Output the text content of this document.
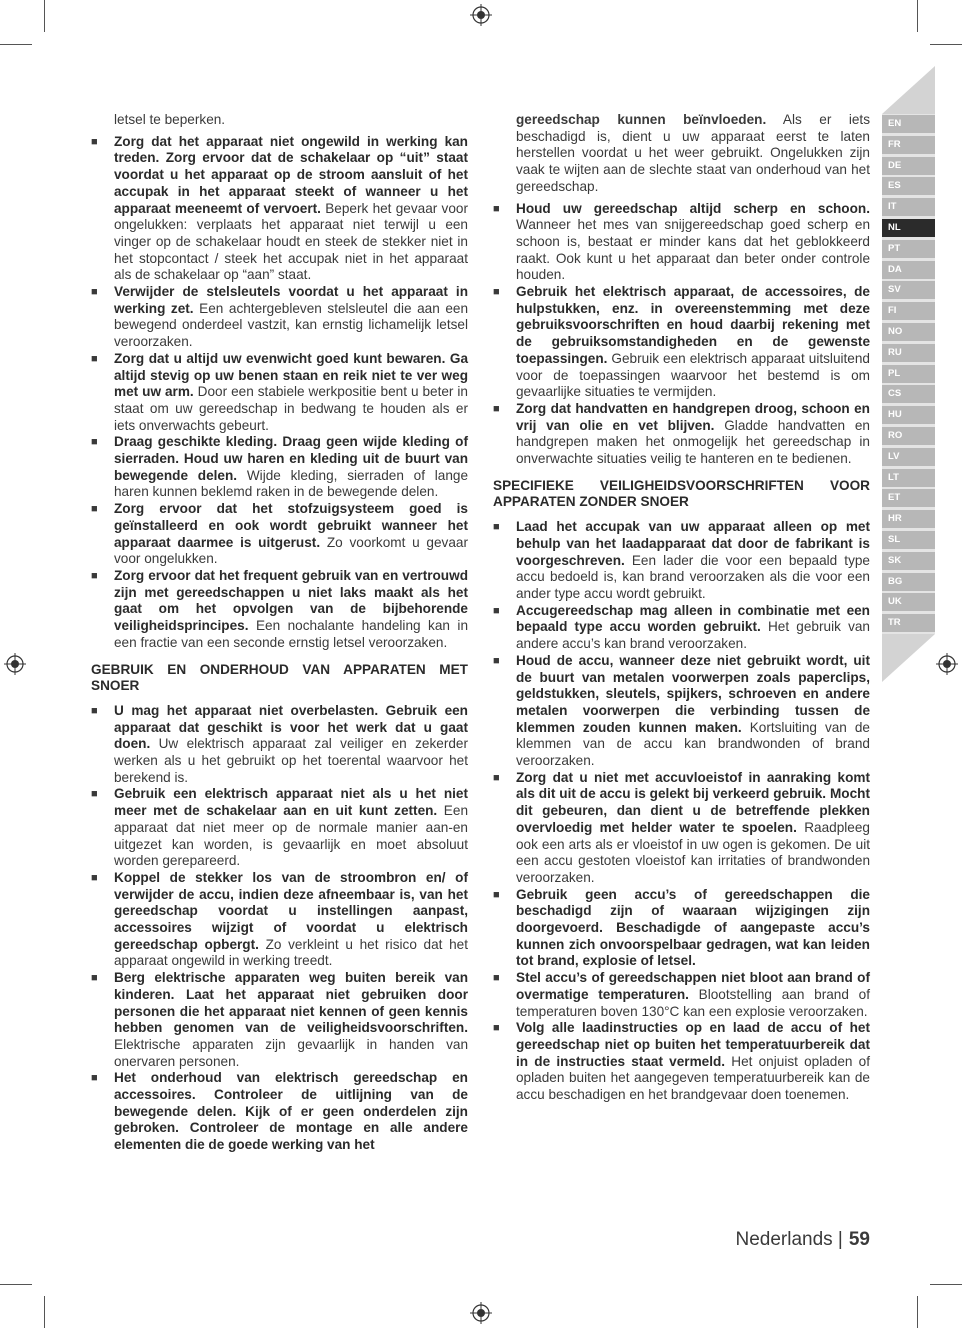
letsel te beperken.

■ Zorg dat het apparaat niet ongewild in werking kan treden. Zorg ervoor dat de schakelaar op “uit” staat voordat u het apparaat op de stroom aansluit of het accupak in het apparaat steekt of wanneer u het apparaat meeneemt of vervoert. Beperk het gevaar voor ongelukken: verplaats het apparaat niet terwijl u een vinger op de schakelaar houdt en steek de stekker niet in het stopcontact / steek het accupak niet in het apparaat als de schakelaar op “aan” staat.

■ Verwijder de stelsleutels voordat u het apparaat in werking zet. Een achtergebleven stelsleutel die aan een bewegend onderdeel vastzit, kan ernstig lichamelijk letsel veroorzaken.

■ Zorg dat u altijd uw evenwicht goed kunt bewaren. Ga altijd stevig op uw benen staan en reik niet te ver weg met uw arm. Door een stabiele werkpositie bent u beter in staat om uw gereedschap in bedwang te houden als er iets onverwachts gebeurt.

■ Draag geschikte kleding. Draag geen wijde kleding of sierraden. Houd uw haren en kleding uit de buurt van bewegende delen. Wijde kleding, sierraden of lange haren kunnen beklemd raken in de bewegende delen.

■ Zorg ervoor dat het stofzuigsysteem goed is geïnstalleerd en ook wordt gebruikt wanneer het apparaat daarmee is uitgerust. Zo voorkomt u gevaar voor ongelukken.

■ Zorg ervoor dat het frequent gebruik van en vertrouwd zijn met gereedschappen u niet laks maakt als het gaat om het opvolgen van de bijbehorende veiligheidsprincipes. Een nochalante handeling kan in een fractie van een seconde ernstig letsel veroorzaken.

GEBRUIK EN ONDERHOUD VAN APPARATEN MET SNOER

■ U mag het apparaat niet overbelasten. Gebruik een apparaat dat geschikt is voor het werk dat u gaat doen. Uw elektrisch apparaat zal veiliger en zekerder werken als u het gebruikt op het toerental waarvoor het berekend is.

■ Gebruik een elektrisch apparaat niet als u het niet meer met de schakelaar aan en uit kunt zetten. Een apparaat dat niet meer op de normale manier aan-en uitgezet kan worden, is gevaarlijk en moet absoluut worden gerepareerd.

■ Koppel de stekker los van de stroombron en/ of verwijder de accu, indien deze afneembaar is, van het gereedschap voordat u instellingen aanpast, accessoires wijzigt of voordat u elektrisch gereedschap opbergt. Zo verkleint u het risico dat het apparaat ongewild in werking treedt.

■ Berg elektrische apparaten weg buiten bereik van kinderen. Laat het apparaat niet gebruiken door personen die het apparaat niet kennen of geen kennis hebben genomen van de veiligheidsvoorschriften. Elektrische apparaten zijn gevaarlijk in handen van onervaren personen.

■ Het onderhoud van elektrisch gereedschap en accessoires. Controleer de uitlijning van de bewegende delen. Kijk of er geen onderdelen zijn gebroken. Controleer de montage en alle andere elementen die de goede werking van het

gereedschap kunnen beïnvloeden. Als er iets beschadigd is, dient u uw apparaat eerst te laten herstellen voordat u het weer gebruikt. Ongelukken zijn vaak te wijten aan de slechte staat van onderhoud van het gereedschap.

■ Houd uw gereedschap altijd scherp en schoon. Wanneer het mes van snijgereedschap goed scherp en schoon is, bestaat er minder kans dat het geblokkeerd raakt. Ook kunt u het apparaat dan beter onder controle houden.

■ Gebruik het elektrisch apparaat, de accessoires, de hulpstukken, enz. in overeenstemming met deze gebruiksvoorschriften en houd daarbij rekening met de gebruiksomstandigheden en de gewenste toepassingen. Gebruik een elektrisch apparaat uitsluitend voor de toepassingen waarvoor het bestemd is om gevaarlijke situaties te vermijden.

■ Zorg dat handvatten en handgrepen droog, schoon en vrij van olie en vet blijven. Gladde handvatten en handgrepen maken het onmogelijk het gereedschap in onverwachte situaties veilig te hanteren en te bedienen.

SPECIFIEKE VEILIGHEIDSVOORSCHRIFTEN VOOR APPARATEN ZONDER SNOER

■ Laad het accupak van uw apparaat alleen op met behulp van het laadapparaat dat door de fabrikant is voorgeschreven. Een lader die voor een bepaald type accu bedoeld is, kan brand veroorzaken als die voor een ander type accu wordt gebruikt.

■ Accugereedschap mag alleen in combinatie met een bepaald type accu worden gebruikt. Het gebruik van andere accu’s kan brand veroorzaken.

■ Houd de accu, wanneer deze niet gebruikt wordt, uit de buurt van metalen voorwerpen zoals paperclips, geldstukken, sleutels, spijkers, schroeven en andere metalen voorwerpen die verbinding tussen de klemmen zouden kunnen maken. Kortsluiting van de klemmen van de accu kan brandwonden of brand veroorzaken.

■ Zorg dat u niet met accuvloeistof in aanraking komt als dit uit de accu is gelekt bij verkeerd gebruik. Mocht dit gebeuren, dan dient u de betreffende plekken overvloedig met helder water te spoelen. Raadpleeg ook een arts als er vloeistof in uw ogen is gekomen. De uit een accu gestoten vloeistof kan irritaties of brandwonden veroorzaken.

■ Gebruik geen accu’s of gereedschappen die beschadigd zijn of waaraan wijzigingen zijn doorgevoerd. Beschadigde of aangepaste accu’s kunnen zich onvoorspelbaar gedragen, wat kan leiden tot brand, explosie of letsel.

■ Stel accu’s of gereedschappen niet bloot aan brand of overmatige temperaturen. Blootstelling aan brand of temperaturen boven 130°C kan een explosie veroorzaken.

■ Volg alle laadinstructies op en laad de accu of het gereedschap niet op buiten het temperatuurbereik dat in de instructies staat vermeld. Het onjuist opladen of opladen buiten het aangegeven temperatuurbereik kan de accu beschadigen en het brandgevaar doen toenemen.

EN
FR
DE
ES
IT
NL
PT
DA
SV
FI
NO
RU
PL
CS
HU
RO
LV
LT
ET
HR
SL
SK
BG
UK
TR
Nederlands | 59
